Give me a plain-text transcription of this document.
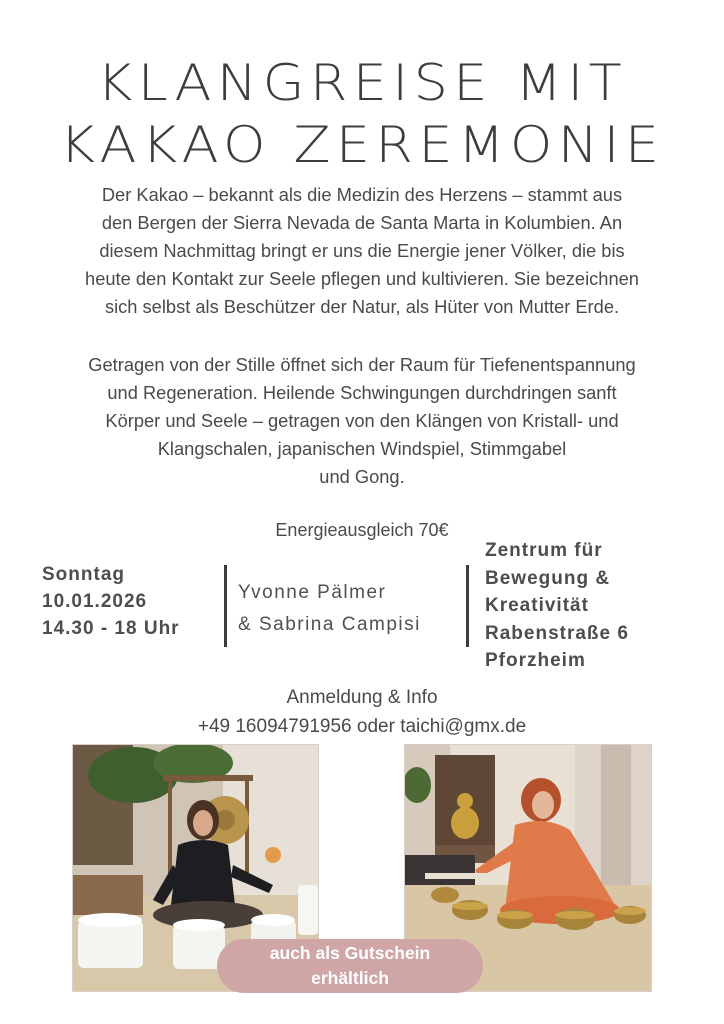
KLANGREISE MIT
KAKAO ZEREMONIE
Der Kakao – bekannt als die Medizin des Herzens – stammt aus
den Bergen der Sierra Nevada de Santa Marta in Kolumbien. An
diesem Nachmittag bringt er uns die Energie jener Völker, die bis
heute den Kontakt zur Seele pflegen und kultivieren. Sie bezeichnen
sich selbst als Beschützer der Natur, als Hüter von Mutter Erde.
Getragen von der Stille öffnet sich der Raum für Tiefenentspannung
und Regeneration. Heilende Schwingungen durchdringen sanft
Körper und Seele – getragen von den Klängen von Kristall- und
Klangschalen, japanischen Windspiel, Stimmgabel
und Gong.
Energieausgleich 70€
Sonntag
10.01.2026
14.30 - 18 Uhr
Yvonne Pälmer
& Sabrina Campisi
Zentrum für
Bewegung &
Kreativität
Rabenstraße 6
Pforzheim
Anmeldung & Info
+49 16094791956 oder taichi@gmx.de
auch als Gutschein
erhältlich
